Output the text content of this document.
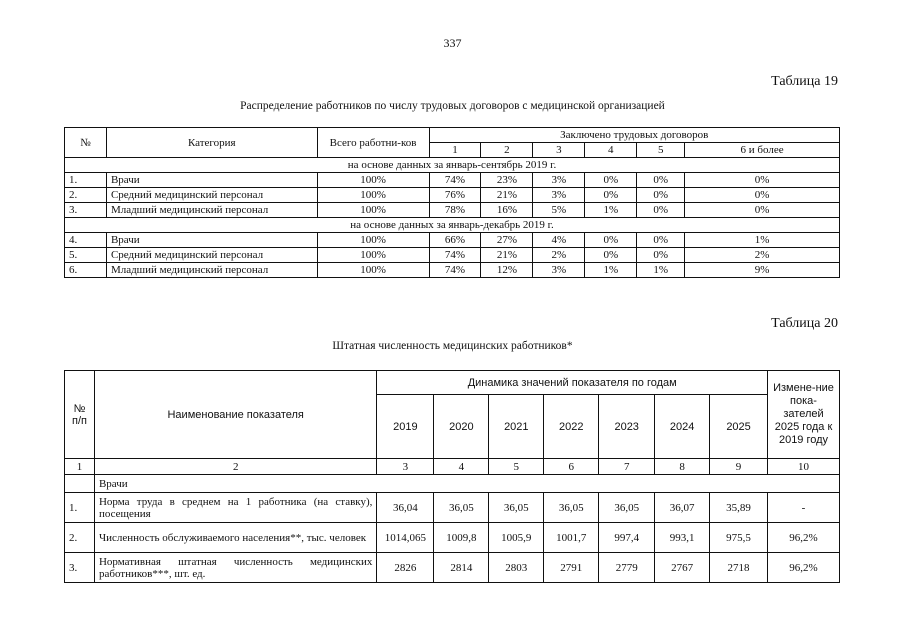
337
Таблица 19
Распределение работников по числу трудовых договоров с медицинской организацией
№	Категория	Всего работни-ков	Заключено трудовых договоров					
			1	2	3	4	5	6 и более
на основе данных за январь-сентябрь 2019 г.								
1.	Врачи	100%	74%	23%	3%	0%	0%	0%
2.	Средний медицинский персонал	100%	76%	21%	3%	0%	0%	0%
3.	Младший медицинский персонал	100%	78%	16%	5%	1%	0%	0%
на основе данных за январь-декабрь 2019 г.								
4.	Врачи	100%	66%	27%	4%	0%	0%	1%
5.	Средний медицинский персонал	100%	74%	21%	2%	0%	0%	2%
6.	Младший медицинский персонал	100%	74%	12%	3%	1%	1%	9%
Таблица 20
Штатная численность медицинских работников*
№ п/п	Наименование показателя	Динамика значений показателя по годам							Измене-ние пока-зателей 2025 года к 2019 году
		2019	2020	2021	2022	2023	2024	2025	
1	2	3	4	5	6	7	8	9	10
	Врачи								
1.	Норма труда в среднем на 1 работника (на ставку), посещения	36,04	36,05	36,05	36,05	36,05	36,07	35,89	-
2.	Численность обслуживаемого населения**, тыс. человек	1014,065	1009,8	1005,9	1001,7	997,4	993,1	975,5	96,2%
3.	Нормативная штатная численность медицинских работников***, шт. ед.	2826	2814	2803	2791	2779	2767	2718	96,2%
